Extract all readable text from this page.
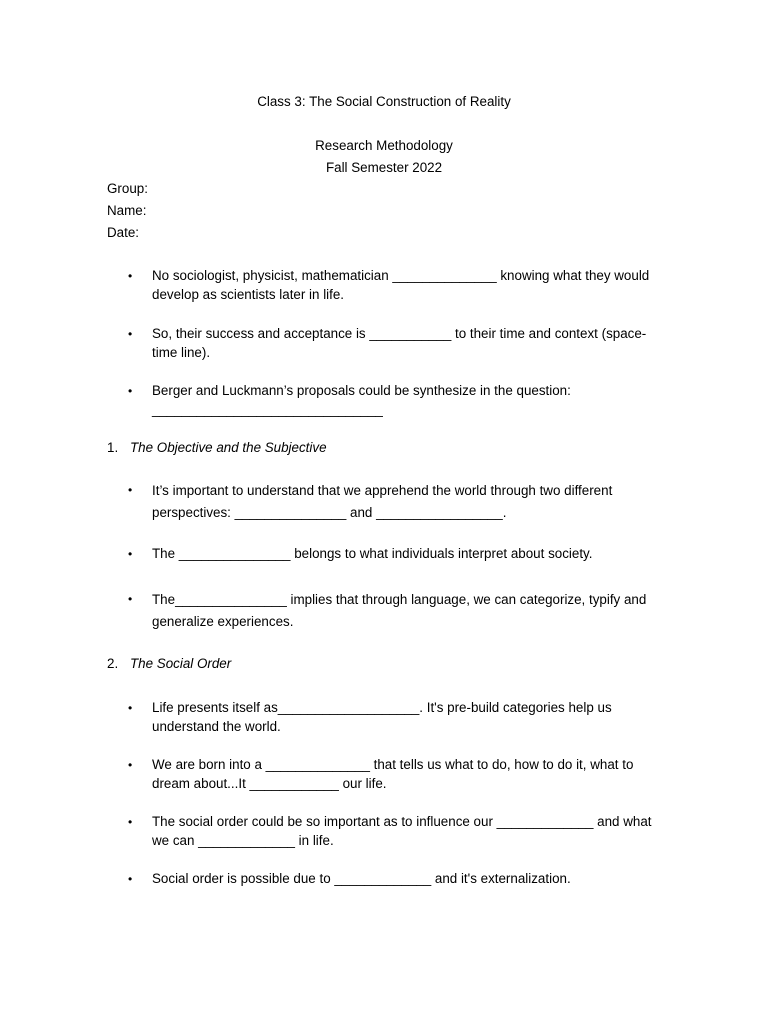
Class 3: The Social Construction of Reality
Research Methodology
Fall Semester 2022
Group:
Name:
Date:
• No sociologist, physicist, mathematician ______________ knowing what they would
develop as scientists later in life.
• So, their success and acceptance is ___________ to their time and context (space-
time line).
• Berger and Luckmann’s proposals could be synthesize in the question:
_______________________________
1. The Objective and the Subjective
• It’s important to understand that we apprehend the world through two different
perspectives: _______________ and _________________.
• The _______________ belongs to what individuals interpret about society.
• The_______________ implies that through language, we can categorize, typify and
generalize experiences.
2. The Social Order
• Life presents itself as___________________. It's pre-build categories help us
understand the world.
• We are born into a ______________ that tells us what to do, how to do it, what to
dream about...It ____________ our life.
• The social order could be so important as to influence our _____________ and what
we can _____________ in life.
• Social order is possible due to _____________ and it's externalization.
